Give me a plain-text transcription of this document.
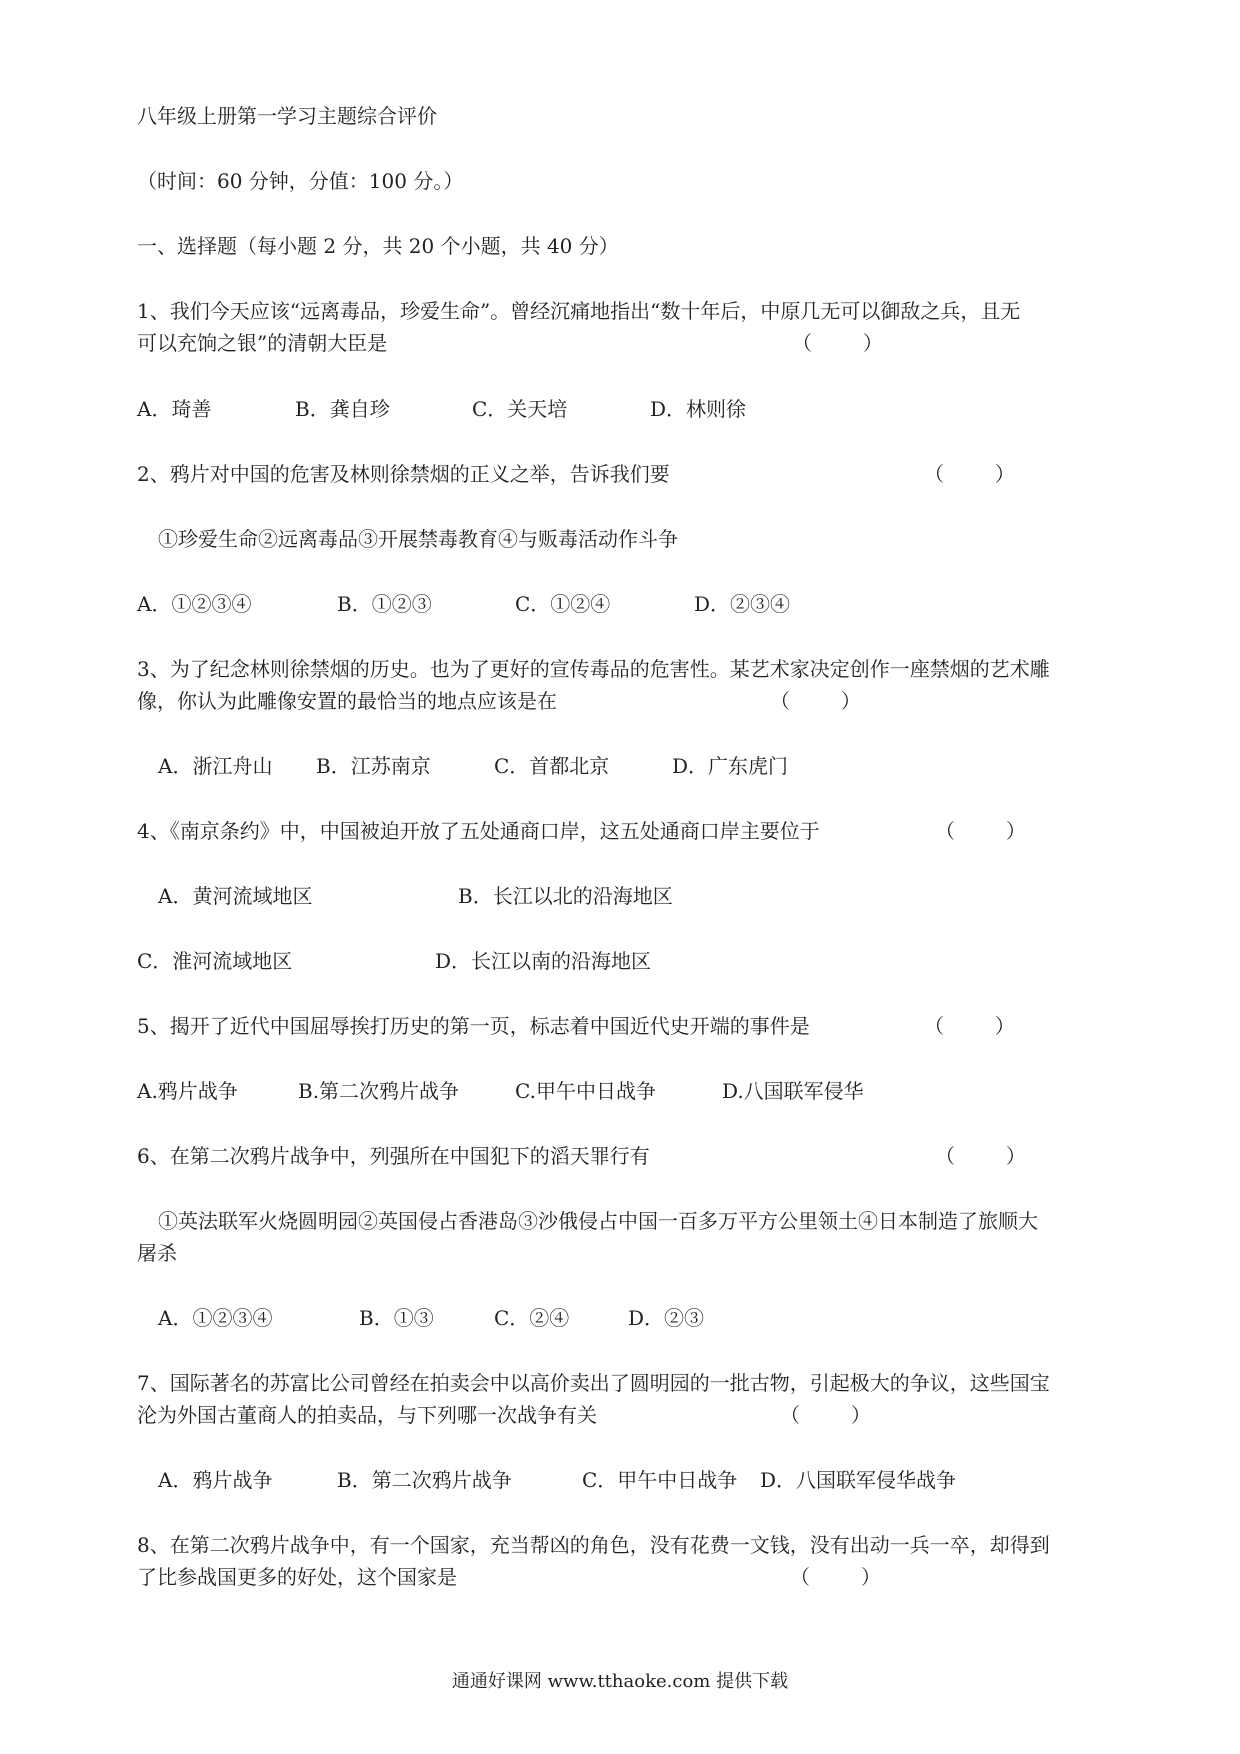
八年级上册第一学习主题综合评价
（时间：60 分钟，分值：100 分。）
一、选择题（每小题 2 分，共 20 个小题，共 40 分）
1、我们今天应该“远离毒品，珍爱生命”。曾经沉痛地指出“数十年后，中原几无可以御敌之兵，且无
可以充饷之银”的清朝大臣是	（        ）
A．琦善	B．龚自珍	C．关天培	D．林则徐
2、鸦片对中国的危害及林则徐禁烟的正义之举，告诉我们要	（        ）
①珍爱生命②远离毒品③开展禁毒教育④与贩毒活动作斗争
A．①②③④	B．①②③	C．①②④	D．②③④
3、为了纪念林则徐禁烟的历史。也为了更好的宣传毒品的危害性。某艺术家决定创作一座禁烟的艺术雕
像，你认为此雕像安置的最恰当的地点应该是在	（        ）
A．浙江舟山 B．江苏南京	C．首都北京	D．广东虎门
4、《南京条约》中，中国被迫开放了五处通商口岸，这五处通商口岸主要位于	（        ）
A．黄河流域地区	B．长江以北的沿海地区
C．淮河流域地区	D．长江以南的沿海地区
5、揭开了近代中国屈辱挨打历史的第一页，标志着中国近代史开端的事件是	（        ）
A.鸦片战争	B.第二次鸦片战争	C.甲午中日战争	D.八国联军侵华
6、在第二次鸦片战争中，列强所在中国犯下的滔天罪行有	（        ）
①英法联军火烧圆明园②英国侵占香港岛③沙俄侵占中国一百多万平方公里领土④日本制造了旅顺大
屠杀
A．①②③④	B．①③	C．②④	D．②③
7、国际著名的苏富比公司曾经在拍卖会中以高价卖出了圆明园的一批古物，引起极大的争议，这些国宝
沦为外国古董商人的拍卖品，与下列哪一次战争有关	（        ）
A．鸦片战争	B．第二次鸦片战争	C．甲午中日战争 D．八国联军侵华战争
8、在第二次鸦片战争中，有一个国家，充当帮凶的角色，没有花费一文钱，没有出动一兵一卒，却得到
了比参战国更多的好处，这个国家是	（        ）
通通好课网 www.tthaoke.com 提供下载
